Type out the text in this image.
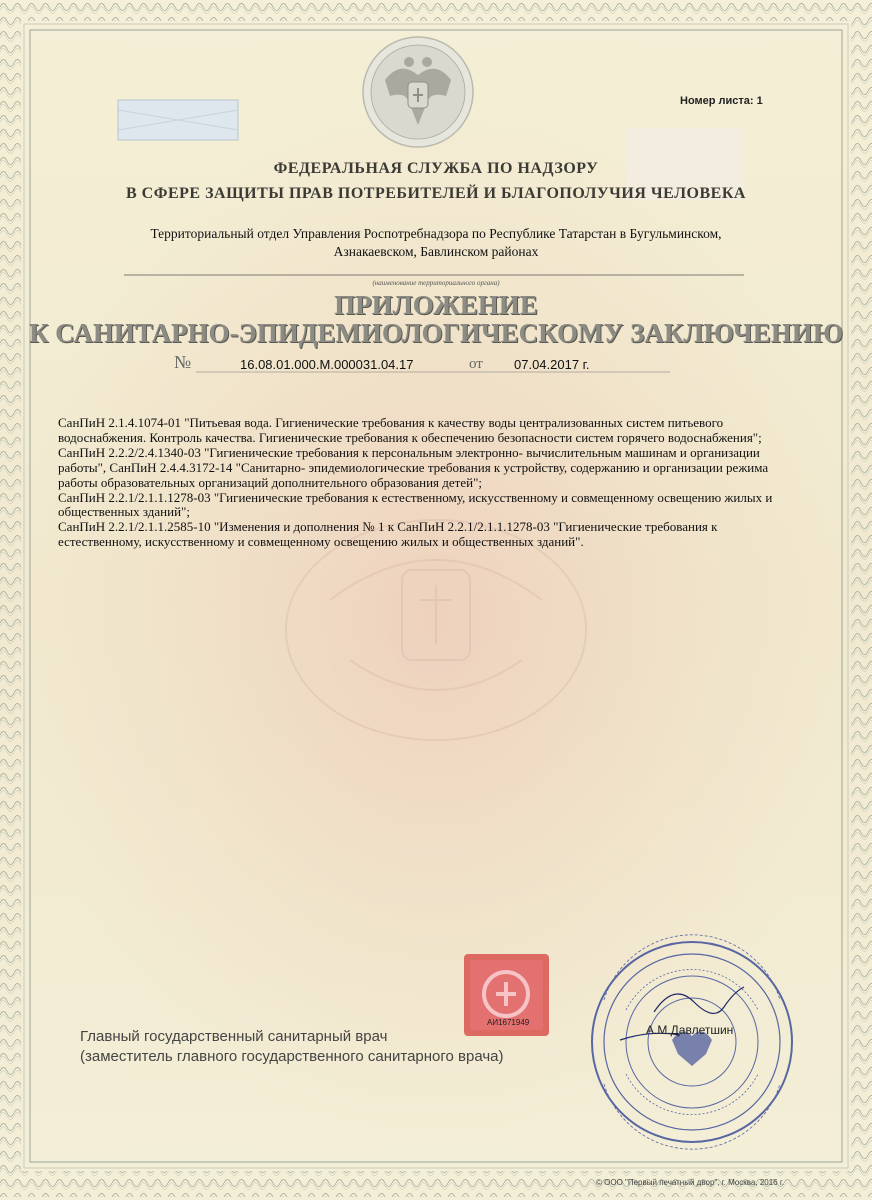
Номер листа: 1
ФЕДЕРАЛЬНАЯ СЛУЖБА ПО НАДЗОРУ
В СФЕРЕ ЗАЩИТЫ ПРАВ ПОТРЕБИТЕЛЕЙ И БЛАГОПОЛУЧИЯ ЧЕЛОВЕКА
Территориальный отдел Управления Роспотребнадзора по Республике Татарстан в Бугульминском,
Азнакаевском, Бавлинском районах
(наименование территориального органа)
ПРИЛОЖЕНИЕ
К САНИТАРНО-ЭПИДЕМИОЛОГИЧЕСКОМУ ЗАКЛЮЧЕНИЮ
№	16.08.01.000.М.000031.04.17	от 07.04.2017 г.

СанПиН 2.1.4.1074-01 "Питьевая вода. Гигиенические требования к качеству воды централизованных систем питьевого водоснабжения. Контроль качества. Гигиенические требования к обеспечению безопасности систем горячего водоснабжения";

СанПиН 2.2.2/2.4.1340-03 "Гигиенические требования к персональным электронно- вычислительным машинам и организации работы", СанПиН 2.4.4.3172-14 "Санитарно- эпидемиологические требования к устройству, содержанию и организации режима работы образовательных организаций дополнительного образования детей";

СанПиН 2.2.1/2.1.1.1278-03 "Гигиенические требования к естественному, искусственному и совмещенному освещению жилых и общественных зданий";

СанПиН 2.2.1/2.1.1.2585-10 "Изменения и дополнения № 1 к СанПиН 2.2.1/2.1.1.1278-03 "Гигиенические требования к естественному, искусственному и совмещенному освещению жилых и общественных зданий".

АИ1671949
Главный государственный санитарный врач
(заместитель главного государственного санитарного врача)
А.М.Давлетшин
© ООО "Первый печатный двор", г. Москва, 2016 г.
